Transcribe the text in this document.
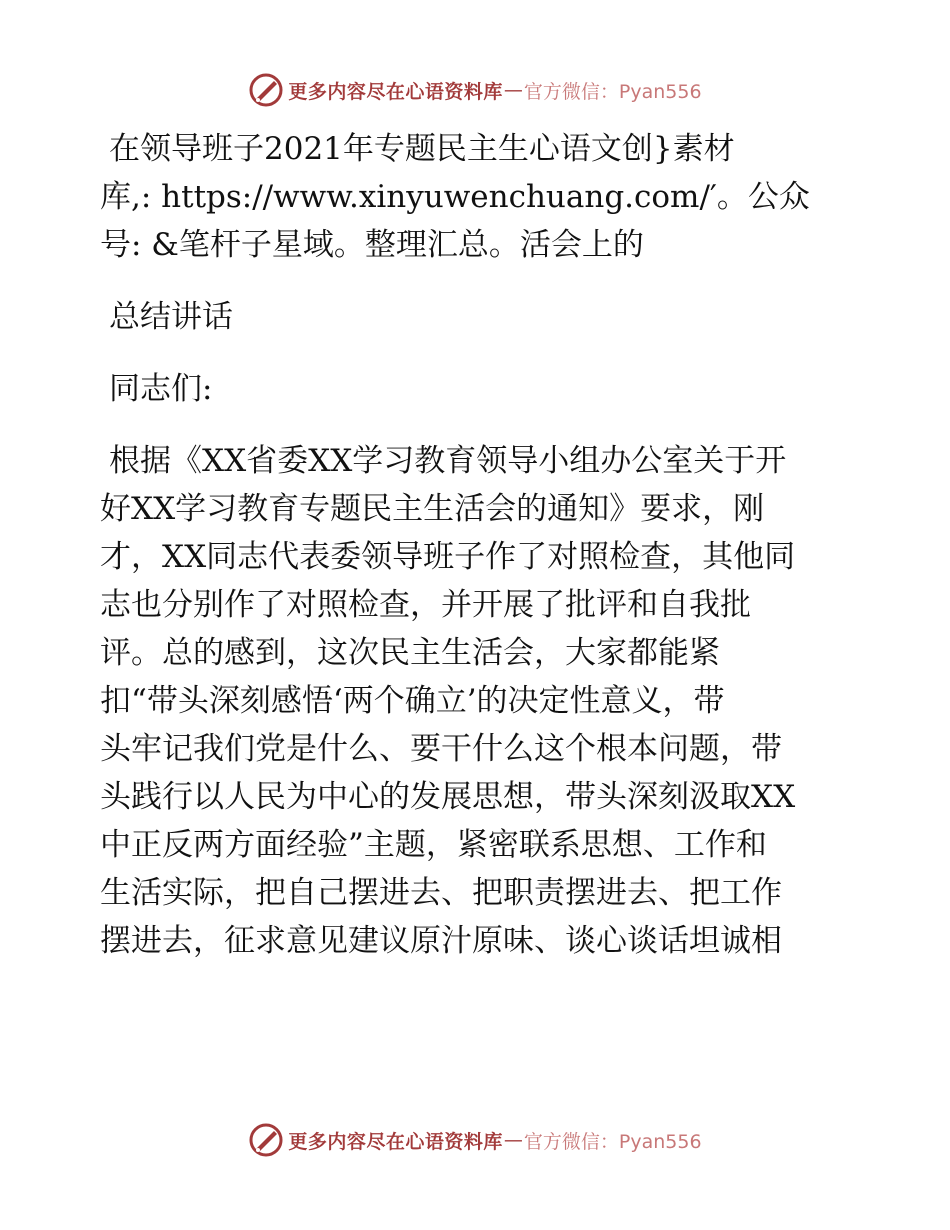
更多内容尽在心语资料库 — 官方微信：Pyan556
在领导班子2021年专题民主生心语文创}素材
库,: https://www.xinyuwenchuang.com/′。公众
号: &笔杆子星域。整理汇总。活会上的
总结讲话
同志们:
根据《XX省委XX学习教育领导小组办公室关于开
好XX学习教育专题民主生活会的通知》要求，刚
才，XX同志代表委领导班子作了对照检查，其他同
志也分别作了对照检查，并开展了批评和自我批
评。总的感到，这次民主生活会，大家都能紧
扣“带头深刻感悟‘两个确立’的决定性意义，带
头牢记我们党是什么、要干什么这个根本问题，带
头践行以人民为中心的发展思想，带头深刻汲取XX
中正反两方面经验”主题，紧密联系思想、工作和
生活实际，把自己摆进去、把职责摆进去、把工作
摆进去，征求意见建议原汁原味、谈心谈话坦诚相
更多内容尽在心语资料库 — 官方微信：Pyan556
